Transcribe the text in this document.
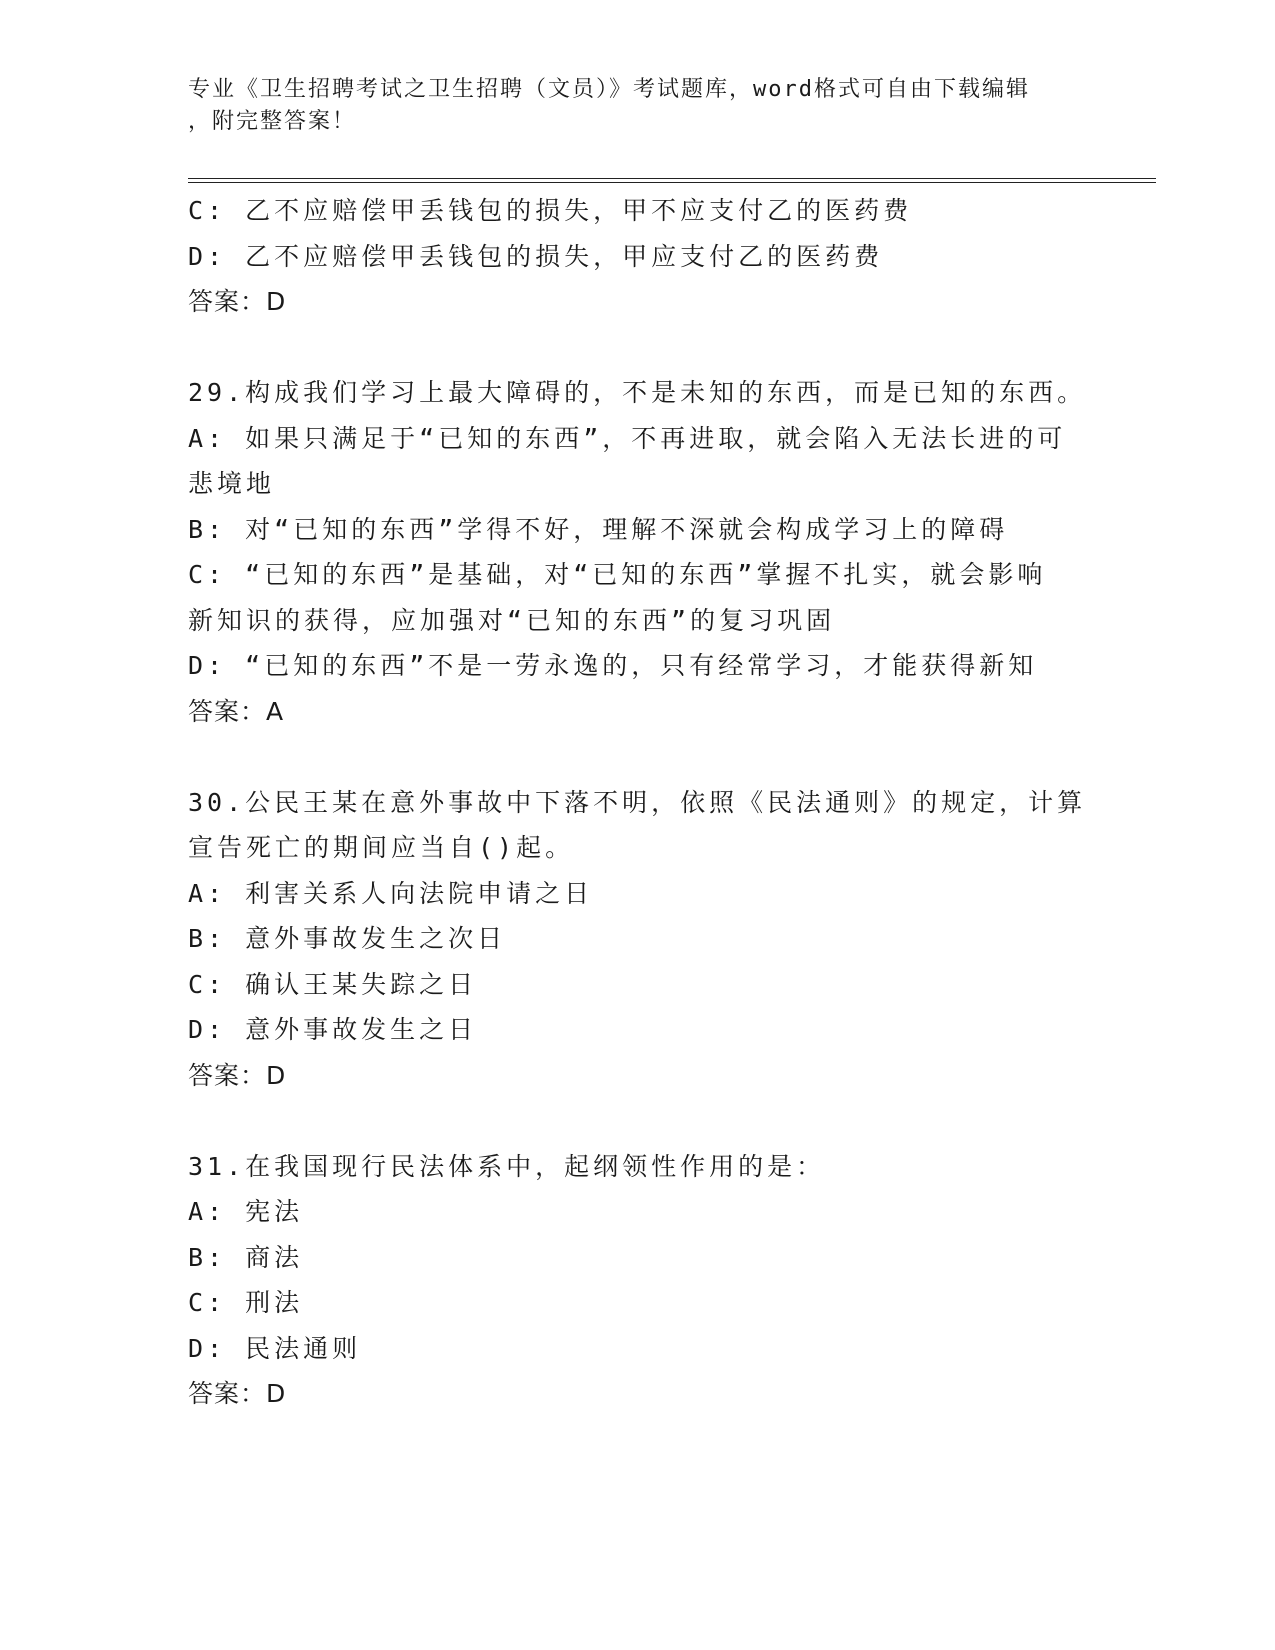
专业《卫生招聘考试之卫生招聘（文员）》考试题库，word格式可自由下载编辑
，附完整答案！
C: 乙不应赔偿甲丢钱包的损失，甲不应支付乙的医药费
D: 乙不应赔偿甲丢钱包的损失，甲应支付乙的医药费
答案：D
29.构成我们学习上最大障碍的，不是未知的东西，而是已知的东西。
A: 如果只满足于“已知的东西”，不再进取，就会陷入无法长进的可
悲境地
B: 对“已知的东西”学得不好，理解不深就会构成学习上的障碍
C: “已知的东西”是基础，对“已知的东西”掌握不扎实，就会影响
新知识的获得，应加强对“已知的东西”的复习巩固
D: “已知的东西”不是一劳永逸的，只有经常学习，才能获得新知
答案：A
30.公民王某在意外事故中下落不明，依照《民法通则》的规定，计算
宣告死亡的期间应当自()起。
A: 利害关系人向法院申请之日
B: 意外事故发生之次日
C: 确认王某失踪之日
D: 意外事故发生之日
答案：D
31.在我国现行民法体系中，起纲领性作用的是：
A: 宪法
B: 商法
C: 刑法
D: 民法通则
答案：D
